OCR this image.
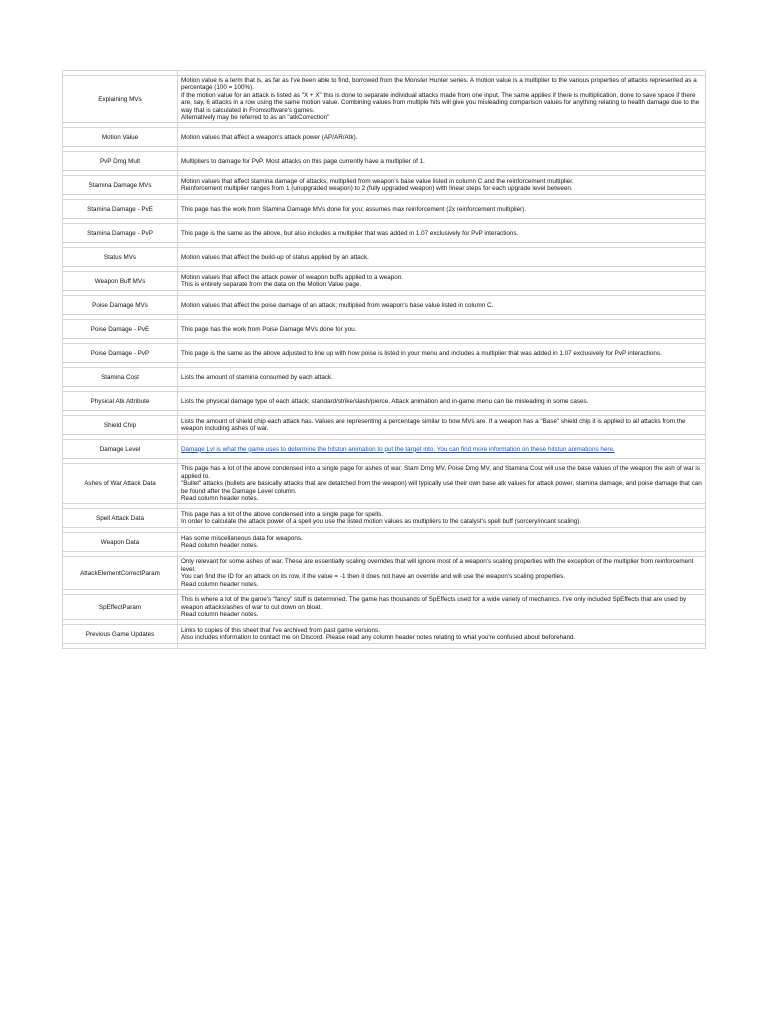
Explaining MVs	Motion value is a term that is, as far as I've been able to find, borrowed from the Monster Hunter series. A motion value is a multiplier to the various properties of attacks represented as a percentage (100 = 100%).
If the motion value for an attack is listed as "X + X" this is done to separate individual attacks made from one input. The same applies if there is multiplication, done to save space if there are, say, 6 attacks in a row using the same motion value. Combining values from multiple hits will give you misleading comparison values for anything relating to health damage due to the way that is calculated in Fromsoftware's games.
Alternatively may be referred to as an "atkCorrection"

Motion Value	Motion values that affect a weapon's attack power (AP/AR/Atk).

PvP Dmg Mult	Multipliers to damage for PvP. Most attacks on this page currently have a multiplier of 1.

Stamina Damage MVs	Motion values that affect stamina damage of attacks; multiplied from weapon's base value listed in column C and the reinforcement multiplier.
Reinforcement multiplier ranges from 1 (unupgraded weapon) to 2 (fully upgraded weapon) with linear steps for each upgrade level between.

Stamina Damage - PvE	This page has the work from Stamina Damage MVs done for you; assumes max reinforcement (2x reinforcement multiplier).

Stamina Damage - PvP	This page is the same as the above, but also includes a multiplier that was added in 1.07 exclusively for PvP interactions.

Status MVs	Motion values that affect the build-up of status applied by an attack.

Weapon Buff MVs	Motion values that affect the attack power of weapon buffs applied to a weapon.
This is entirely separate from the data on the Motion Value page.

Poise Damage MVs	Motion values that affect the poise damage of an attack; multiplied from weapon's base value listed in column C.

Poise Damage - PvE	This page has the work from Poise Damage MVs done for you.

Poise Damage - PvP	This page is the same as the above adjusted to line up with how poise is listed in your menu and includes a multiplier that was added in 1.07 exclusively for PvP interactions.

Stamina Cost	Lists the amount of stamina consumed by each attack.

Physical Atk Attribute	Lists the physical damage type of each attack; standard/strike/slash/pierce. Attack animation and in-game menu can be misleading in some cases.

Shield Chip	Lists the amount of shield chip each attack has. Values are representing a percentage similar to how MVs are. If a weapon has a "Base" shield chip it is applied to all attacks from the weapon including ashes of war.

Damage Level	Damage Lvl is what the game uses to determine the hitstun animation to put the target into. You can find more information on these hitstun animations here.

Ashes of War Attack Data	This page has a lot of the above condensed into a single page for ashes of war. Stam Dmg MV, Poise Dmg MV, and Stamina Cost will use the base values of the weapon the ash of war is applied to.
"Bullet" attacks (bullets are basically attacks that are detatched from the weapon) will typically use their own base atk values for attack power, stamina damage, and poise damage that can be found after the Damage Level column.
Read column header notes.

Spell Attack Data	This page has a lot of the above condensed into a single page for spells.
In order to calculate the attack power of a spell you use the listed motion values as multipliers to the catalyst's spell buff (sorcery/incant scaling).

Weapon Data	Has some miscellaneous data for weapons.
Read column header notes.

AttackElementCorrectParam	Only relevant for some ashes of war. These are essentially scaling overrides that will ignore most of a weapon's scaling properties with the exception of the multiplier from reinforcement level.
You can find the ID for an attack on its row, if the value = -1 then it does not have an override and will use the weapon's scaling properties.
Read column header notes.

SpEffectParam	This is where a lot of the game's "fancy" stuff is determined. The game has thousands of SpEffects used for a wide variety of mechanics. I've only included SpEffects that are used by weapon attacks/ashes of war to cut down on bloat.
Read column header notes.

Previous Game Updates	Links to copies of this sheet that I've archived from past game versions.
Also includes information to contact me on Discord. Please read any column header notes relating to what you're confused about beforehand.
